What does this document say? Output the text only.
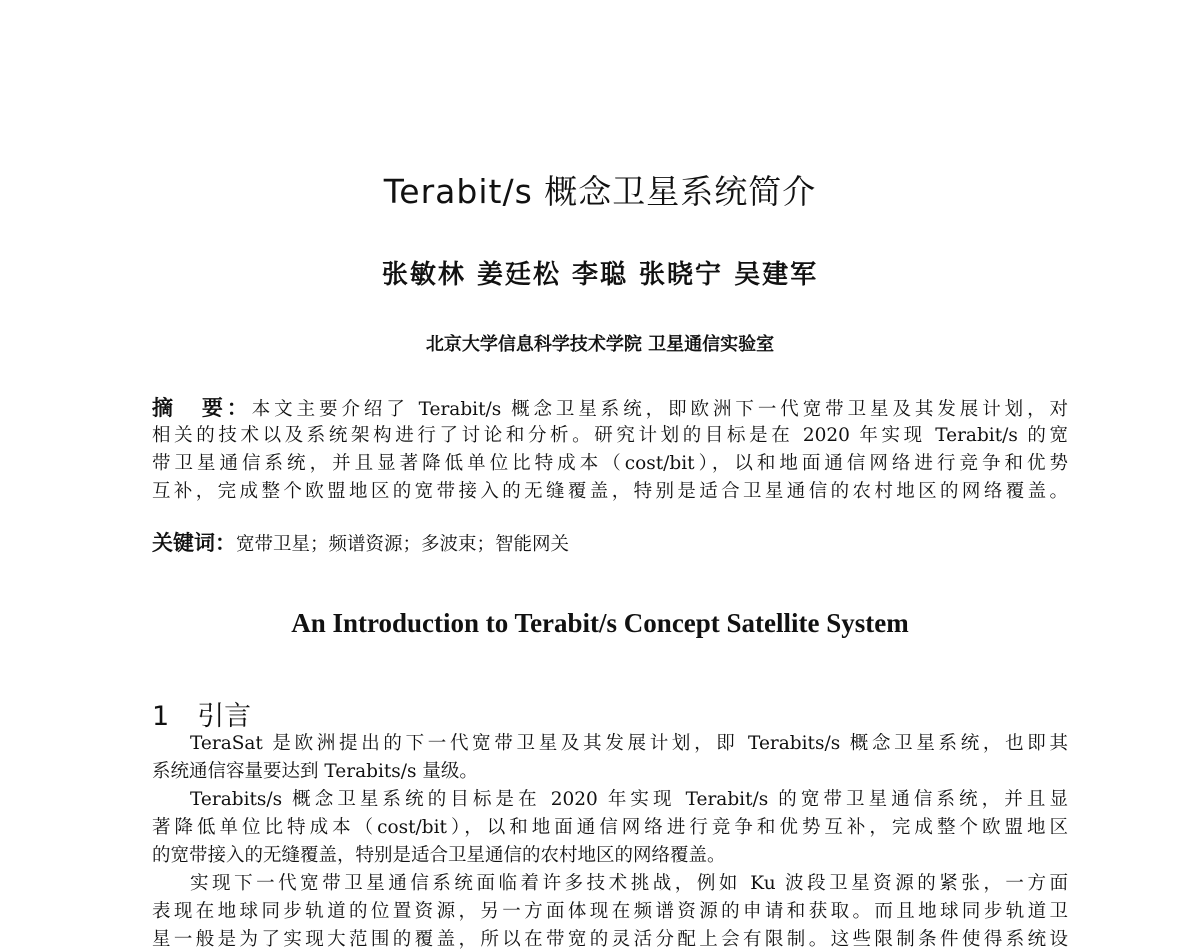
Terabit/s 概念卫星系统简介
张敏林 姜廷松 李聪 张晓宁 吴建军
北京大学信息科学技术学院 卫星通信实验室
摘　要：本文主要介绍了 Terabit/s 概念卫星系统，即欧洲下一代宽带卫星及其发展计划，对
相关的技术以及系统架构进行了讨论和分析。研究计划的目标是在 2020 年实现 Terabit/s 的宽
带卫星通信系统，并且显著降低单位比特成本（cost/bit），以和地面通信网络进行竞争和优势
互补，完成整个欧盟地区的宽带接入的无缝覆盖，特别是适合卫星通信的农村地区的网络覆盖。
关键词：宽带卫星；频谱资源；多波束；智能网关
An Introduction to Terabit/s Concept Satellite System
1 引言
TeraSat 是欧洲提出的下一代宽带卫星及其发展计划，即 Terabits/s 概念卫星系统，也即其
系统通信容量要达到 Terabits/s 量级。
Terabits/s 概念卫星系统的目标是在 2020 年实现 Terabit/s 的宽带卫星通信系统，并且显
著降低单位比特成本（cost/bit），以和地面通信网络进行竞争和优势互补，完成整个欧盟地区
的宽带接入的无缝覆盖，特别是适合卫星通信的农村地区的网络覆盖。
实现下一代宽带卫星通信系统面临着许多技术挑战，例如 Ku 波段卫星资源的紧张，一方面
表现在地球同步轨道的位置资源，另一方面体现在频谱资源的申请和获取。而且地球同步轨道卫
星一般是为了实现大范围的覆盖，所以在带宽的灵活分配上会有限制。这些限制条件使得系统设
